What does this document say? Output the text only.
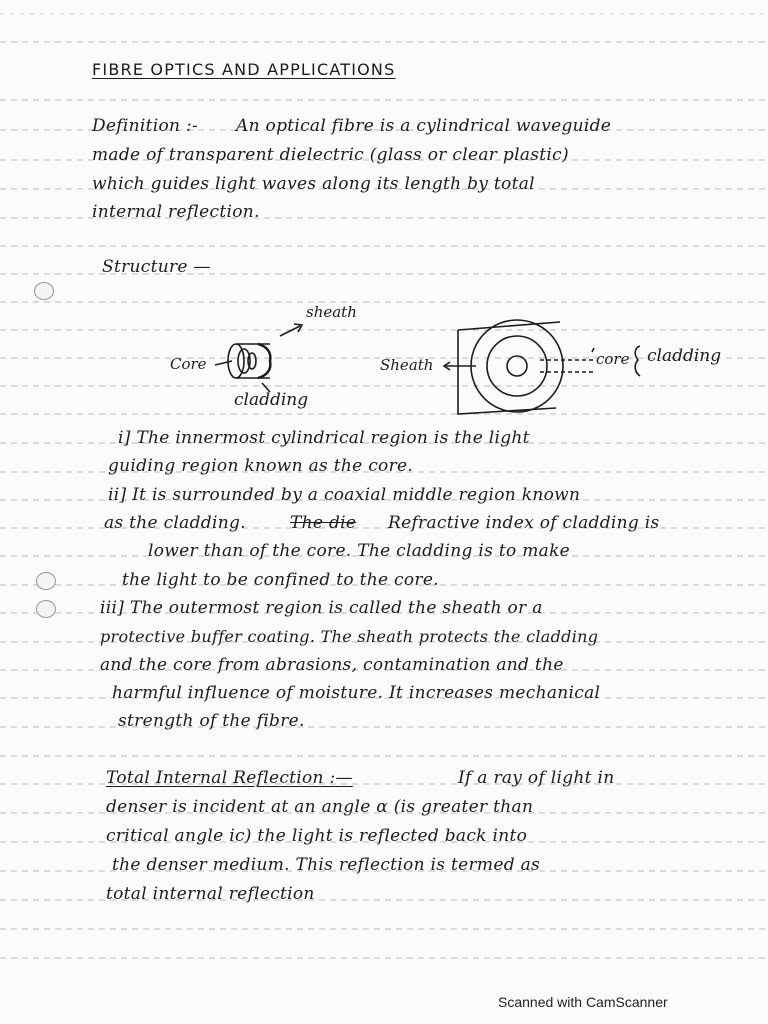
FIBRE OPTICS AND APPLICATIONS
Definition :- An optical fibre is a cylindrical waveguide
made of transparent dielectric (glass or clear plastic)
which guides light waves along its length by total
internal reflection.
Structure —
sheath
Core
cladding
Sheath	core cladding
i] The innermost cylindrical region is the light
guiding region known as the core.
ii] It is surrounded by a coaxial middle region known
as the cladding.	The die Refractive index of cladding is
lower than of the core. The cladding is to make
the light to be confined to the core.
iii] The outermost region is called the sheath or a
protective buffer coating. The sheath protects the cladding
and the core from abrasions, contamination and the
harmful influence of moisture. It increases mechanical
strength of the fibre.
Total Internal Reflection :—	If a ray of light in
denser is incident at an angle α (is greater than
critical angle ic) the light is reflected back into
the denser medium. This reflection is termed as
total internal reflection
Scanned with CamScanner
